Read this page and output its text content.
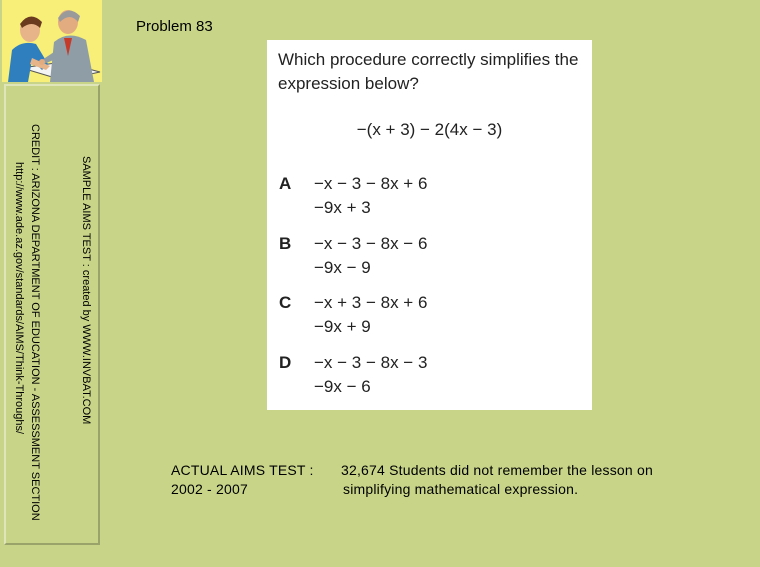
CREDIT : ARIZONA DEPARTMENT OF EDUCATION - ASSESSMENT SECTION
http://www.ade.az.gov/standards/AIMS/Think-Throughs/	SAMPLE AIMS TEST : created by WWW.INVBAT.COM
Problem 83
Which procedure correctly simplifies the expression below?
−(x + 3) − 2(4x − 3)
A −x − 3 − 8x + 6
−9x + 3
B −x − 3 − 8x − 6
−9x − 9
C −x + 3 − 8x + 6
−9x + 9
D −x − 3 − 8x − 3
−9x − 6
ACTUAL AIMS TEST :
2002 - 2007
32,674 Students did not remember the lesson on
simplifying mathematical expression.
